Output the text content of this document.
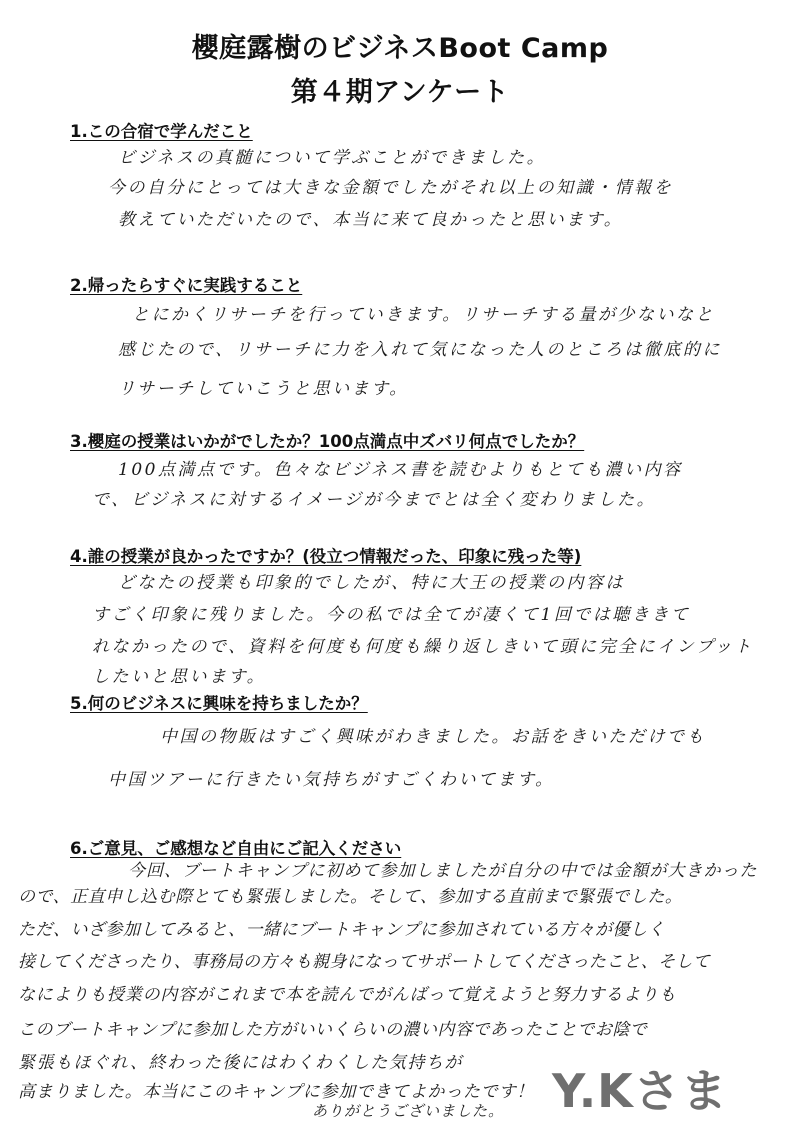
櫻庭露樹のビジネスBoot Camp
第４期アンケート
1.この合宿で学んだこと
ビジネスの真髄について学ぶことができました。
今の自分にとっては大きな金額でしたがそれ以上の知識・情報を
教えていただいたので、本当に来て良かったと思います。
2.帰ったらすぐに実践すること
とにかくリサーチを行っていきます。リサーチする量が少ないなと
感じたので、リサーチに力を入れて気になった人のところは徹底的に
リサーチしていこうと思います。
3.櫻庭の授業はいかがでしたか？100点満点中ズバリ何点でしたか？
100点満点です。色々なビジネス書を読むよりもとても濃い内容
で、ビジネスに対するイメージが今までとは全く変わりました。
4.誰の授業が良かったですか？(役立つ情報だった、印象に残った等)
どなたの授業も印象的でしたが、特に大王の授業の内容は
すごく印象に残りました。今の私では全てが凄くて1回では聴ききて
れなかったので、資料を何度も何度も繰り返しきいて頭に完全にインプット
したいと思います。
5.何のビジネスに興味を持ちましたか？
中国の物販はすごく興味がわきました。お話をきいただけでも
中国ツアーに行きたい気持ちがすごくわいてます。
6.ご意見、ご感想など自由にご記入ください
今回、ブートキャンプに初めて参加しましたが自分の中では金額が大きかった
ので、正直申し込む際とても緊張しました。そして、参加する直前まで緊張でした。
ただ、いざ参加してみると、一緒にブートキャンプに参加されている方々が優しく
接してくださったり、事務局の方々も親身になってサポートしてくださったこと、そして
なによりも授業の内容がこれまで本を読んでがんばって覚えようと努力するよりも
このブートキャンプに参加した方がいいくらいの濃い内容であったことでお陰で
緊張もほぐれ、終わった後にはわくわくした気持ちが
高まりました。本当にこのキャンプに参加できてよかったです！
ありがとうございました。 Y.Kさま
